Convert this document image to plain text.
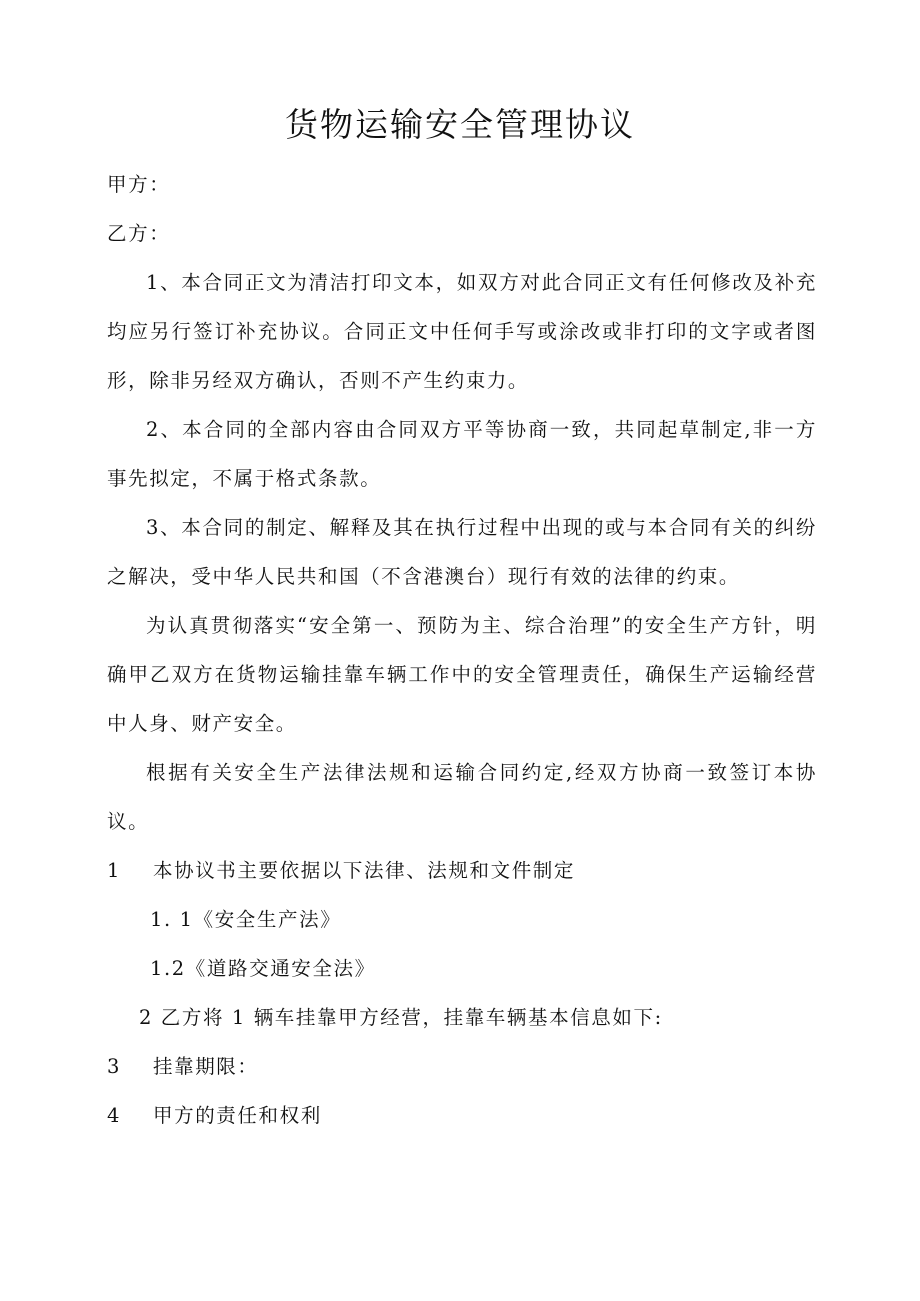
货物运输安全管理协议

甲方：

乙方：

1、本合同正文为清洁打印文本，如双方对此合同正文有任何修改及补充均应另行签订补充协议。合同正文中任何手写或涂改或非打印的文字或者图形，除非另经双方确认，否则不产生约束力。

2、本合同的全部内容由合同双方平等协商一致，共同起草制定,非一方事先拟定，不属于格式条款。

3、本合同的制定、解释及其在执行过程中出现的或与本合同有关的纠纷之解决，受中华人民共和国（不含港澳台）现行有效的法律的约束。

为认真贯彻落实“安全第一、预防为主、综合治理”的安全生产方针，明确甲乙双方在货物运输挂靠车辆工作中的安全管理责任，确保生产运输经营中人身、财产安全。

根据有关安全生产法律法规和运输合同约定,经双方协商一致签订本协议。

1	本协议书主要依据以下法律、法规和文件制定

1. 1《安全生产法》

1.2《道路交通安全法》

2 乙方将 1 辆车挂靠甲方经营，挂靠车辆基本信息如下:

3	挂靠期限：
4	甲方的责任和权利
